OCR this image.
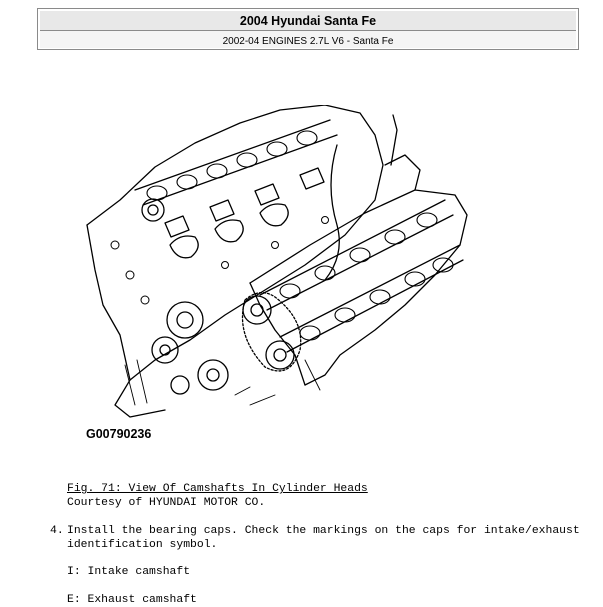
2004 Hyundai Santa Fe
2002-04 ENGINES 2.7L V6 - Santa Fe
G00790236
Fig. 71: View Of Camshafts In Cylinder Heads
Courtesy of HYUNDAI MOTOR CO.
4. Install the bearing caps. Check the markings on the caps for intake/exhaust
identification symbol.
I: Intake camshaft
E: Exhaust camshaft
